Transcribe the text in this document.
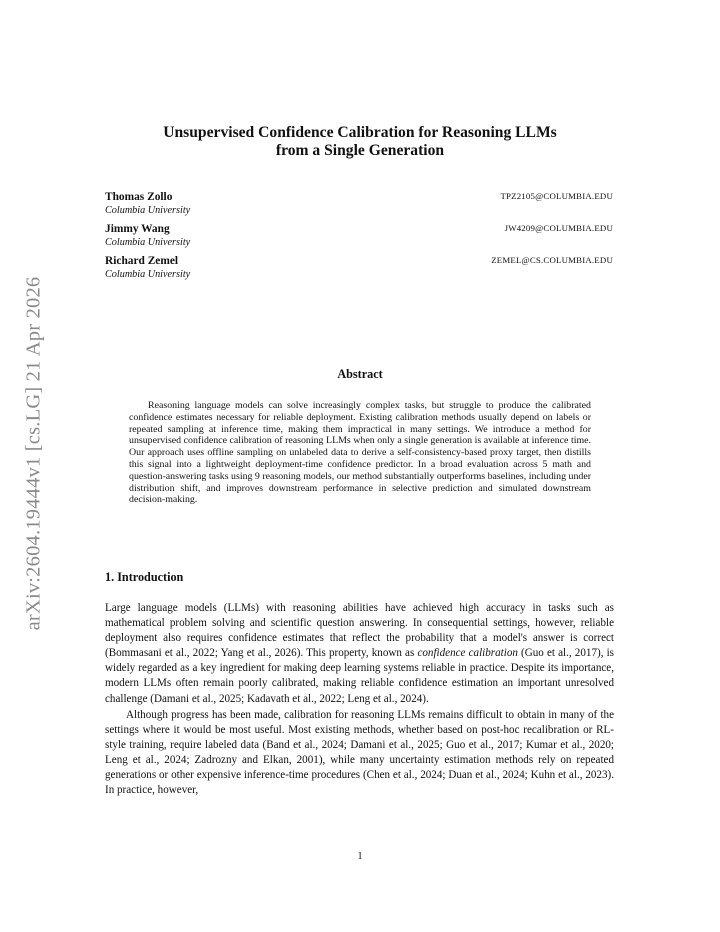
arXiv:2604.19444v1 [cs.LG] 21 Apr 2026
Unsupervised Confidence Calibration for Reasoning LLMs
from a Single Generation
Thomas Zollo
Columbia University
TPZ2105@COLUMBIA.EDU
Jimmy Wang
Columbia University
JW4209@COLUMBIA.EDU
Richard Zemel
Columbia University
ZEMEL@CS.COLUMBIA.EDU
Abstract

Reasoning language models can solve increasingly complex tasks, but struggle to produce the calibrated confidence estimates necessary for reliable deployment. Existing calibration methods usually depend on labels or repeated sampling at inference time, making them impractical in many settings. We introduce a method for unsupervised confidence calibration of reasoning LLMs when only a single generation is available at inference time. Our approach uses offline sampling on unlabeled data to derive a self-consistency-based proxy target, then distills this signal into a lightweight deployment-time confidence predictor. In a broad evaluation across 5 math and question-answering tasks using 9 reasoning models, our method substantially outperforms baselines, including under distribution shift, and improves downstream performance in selective prediction and simulated downstream decision-making.

1. Introduction

Large language models (LLMs) with reasoning abilities have achieved high accuracy in tasks such as mathematical problem solving and scientific question answering. In consequential settings, however, reliable deployment also requires confidence estimates that reflect the probability that a model's answer is correct (Bommasani et al., 2022; Yang et al., 2026). This property, known as confidence calibration (Guo et al., 2017), is widely regarded as a key ingredient for making deep learning systems reliable in practice. Despite its importance, modern LLMs often remain poorly calibrated, making reliable confidence estimation an important unresolved challenge (Damani et al., 2025; Kadavath et al., 2022; Leng et al., 2024).

Although progress has been made, calibration for reasoning LLMs remains difficult to obtain in many of the settings where it would be most useful. Most existing methods, whether based on post-hoc recalibration or RL-style training, require labeled data (Band et al., 2024; Damani et al., 2025; Guo et al., 2017; Kumar et al., 2020; Leng et al., 2024; Zadrozny and Elkan, 2001), while many uncertainty estimation methods rely on repeated generations or other expensive inference-time procedures (Chen et al., 2024; Duan et al., 2024; Kuhn et al., 2023). In practice, however,

1
